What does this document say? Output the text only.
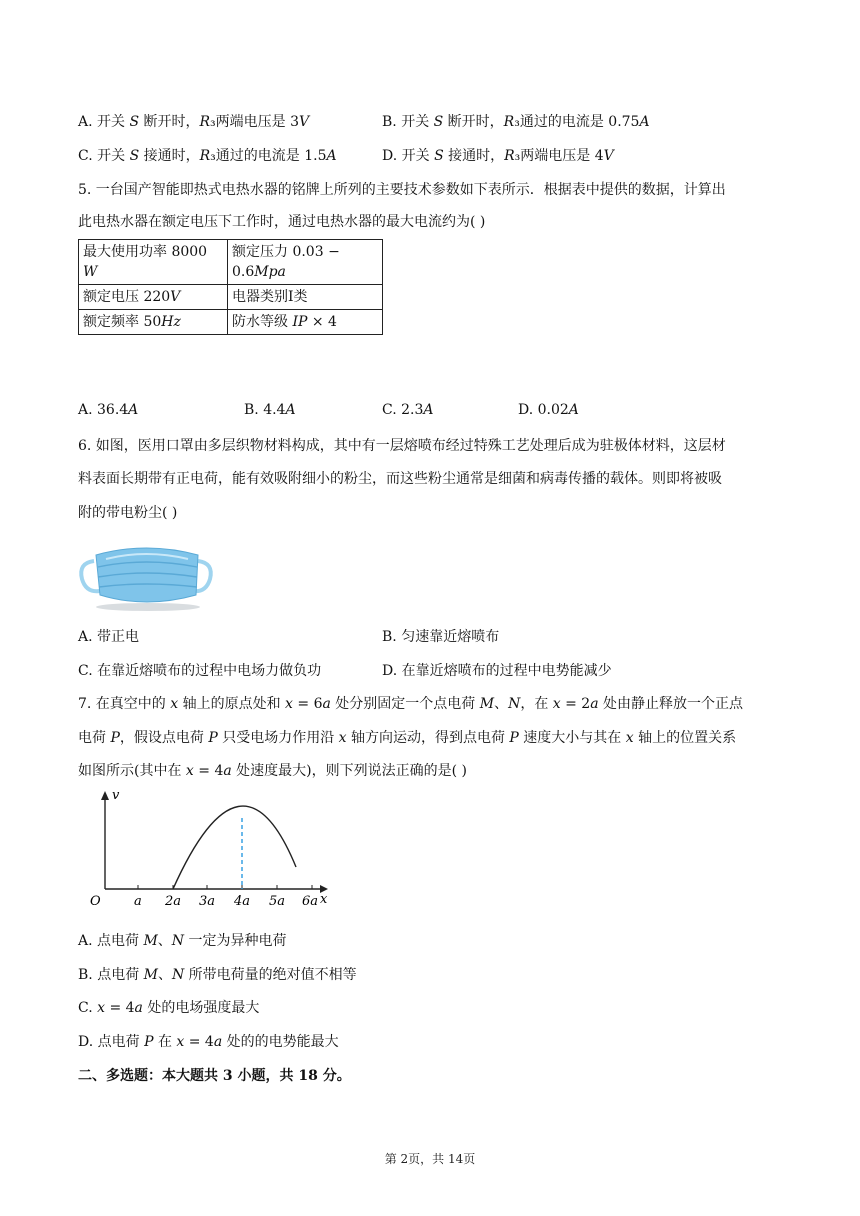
A. 开关 𝑆 断开时，𝑅₃两端电压是 3𝑉	B. 开关 𝑆 断开时，𝑅₃通过的电流是 0.75𝐴
C. 开关 𝑆 接通时，𝑅₃通过的电流是 1.5𝐴	D. 开关 𝑆 接通时，𝑅₃两端电压是 4𝑉
5. 一台国产智能即热式电热水器的铭牌上所列的主要技术参数如下表所示．根据表中提供的数据，计算出
此电热水器在额定电压下工作时，通过电热水器的最大电流约为( )
最大使用功率 8000 𝑊	额定压力 0.03 −
0.6𝑀𝑝𝑎
额定电压 220𝑉	电器类别Ⅰ类
额定频率 50𝐻𝑧	防水等级 𝐼𝑃 × 4
A. 36.4𝐴	B. 4.4𝐴	C. 2.3𝐴	D. 0.02𝐴
6. 如图，医用口罩由多层织物材料构成，其中有一层熔喷布经过特殊工艺处理后成为驻极体材料，这层材
料表面长期带有正电荷，能有效吸附细小的粉尘，而这些粉尘通常是细菌和病毒传播的载体。则即将被吸
附的带电粉尘( )
A. 带正电	B. 匀速靠近熔喷布
C. 在靠近熔喷布的过程中电场力做负功	D. 在靠近熔喷布的过程中电势能减少
7. 在真空中的 𝑥 轴上的原点处和 𝑥 = 6𝑎 处分别固定一个点电荷 𝑀、𝑁，在 𝑥 = 2𝑎 处由静止释放一个正点
电荷 𝑃，假设点电荷 𝑃 只受电场力作用沿 𝑥 轴方向运动，得到点电荷 𝑃 速度大小与其在 𝑥 轴上的位置关系
如图所示(其中在 𝑥 = 4𝑎 处速度最大)，则下列说法正确的是( )
v
x
O	a 2a 3a 4a 5a 6a
A. 点电荷 𝑀、𝑁 一定为异种电荷
B. 点电荷 𝑀、𝑁 所带电荷量的绝对值不相等
C. 𝑥 = 4𝑎 处的电场强度最大
D. 点电荷 𝑃 在 𝑥 = 4𝑎 处的的电势能最大
二、多选题：本大题共 3 小题，共 18 分。
第 2页，共 14页
